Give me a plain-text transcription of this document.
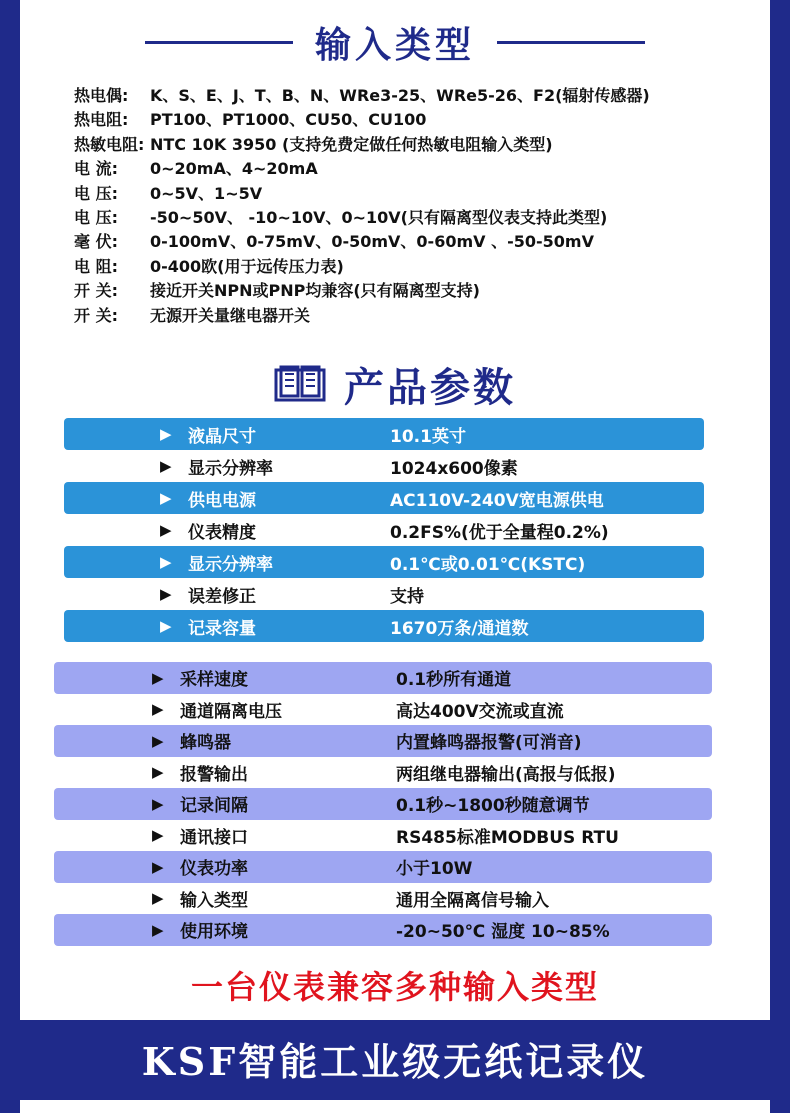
输入类型
热电偶: K、S、E、J、T、B、N、WRe3-25、WRe5-26、F2(辐射传感器)
热电阻: PT100、PT1000、CU50、CU100
热敏电阻: NTC 10K 3950 (支持免费定做任何热敏电阻输入类型)
电 流: 0~20mA、4~20mA
电 压: 0~5V、1~5V
电 压: -50~50V、 -10~10V、0~10V(只有隔离型仪表支持此类型)
毫 伏: 0-100mV、0-75mV、0-50mV、0-60mV 、-50-50mV
电 阻: 0-400欧(用于远传压力表)
开 关: 接近开关NPN或PNP均兼容(只有隔离型支持)
开 关: 无源开关量继电器开关
产品参数
▶ 液晶尺寸	10.1英寸
▶ 显示分辨率	1024x600像素
▶ 供电电源	AC110V-240V宽电源供电
▶ 仪表精度	0.2FS%(优于全量程0.2%)
▶ 显示分辨率	0.1℃或0.01℃(KSTC)
▶ 误差修正	支持
▶ 记录容量	1670万条/通道数
▶ 采样速度	0.1秒所有通道
▶ 通道隔离电压	高达400V交流或直流
▶ 蜂鸣器	内置蜂鸣器报警(可消音)
▶ 报警输出	两组继电器输出(高报与低报)
▶ 记录间隔	0.1秒~1800秒随意调节
▶ 通讯接口	RS485标准MODBUS RTU
▶ 仪表功率	小于10W
▶ 输入类型	通用全隔离信号输入
▶ 使用环境	-20~50℃ 湿度 10~85%
一台仪表兼容多种输入类型
KSF智能工业级无纸记录仪
